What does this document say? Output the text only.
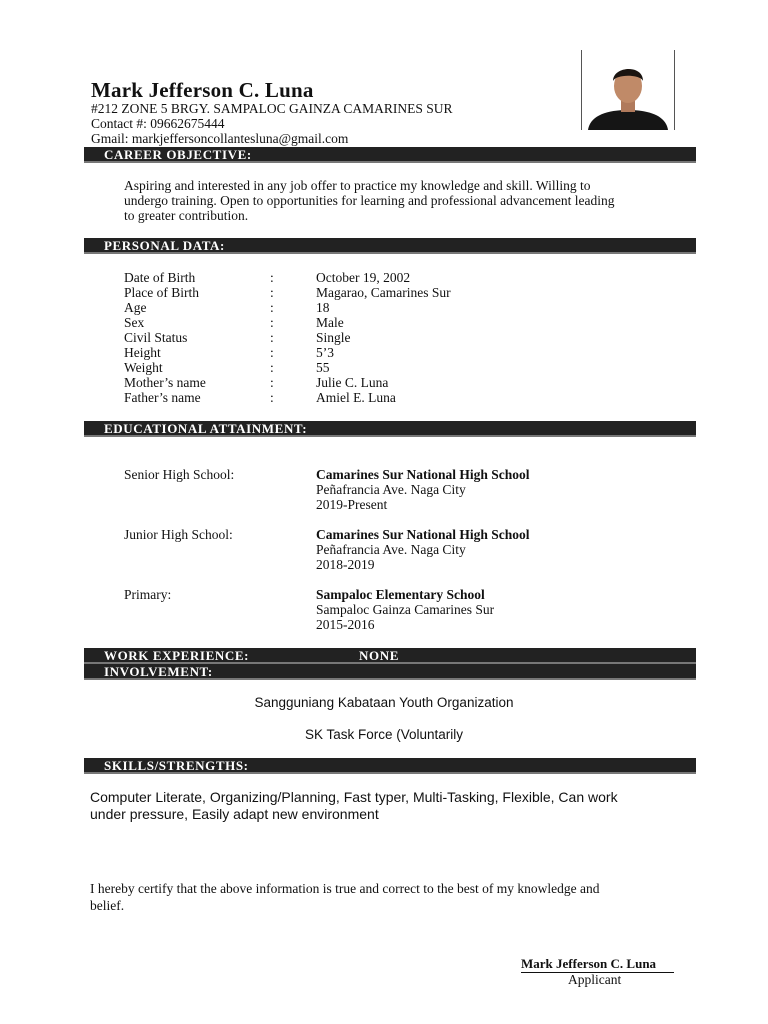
Mark Jefferson C. Luna
#212 ZONE 5 BRGY. SAMPALOC GAINZA CAMARINES SUR
Contact #: 09662675444
Gmail: markjeffersoncollantesluna@gmail.com
CAREER OBJECTIVE:
Aspiring and interested in any job offer to practice my knowledge and skill. Willing to
undergo training. Open to opportunities for learning and professional advancement leading
to greater contribution.
PERSONAL DATA:
Date of Birth	:	October 19, 2002
Place of Birth	:	Magarao, Camarines Sur
Age	:	18
Sex	:	Male
Civil Status	:	Single
Height	:	5’3
Weight	:	55
Mother’s name	:	Julie C. Luna
Father’s name	:	Amiel E. Luna
EDUCATIONAL ATTAINMENT:
Senior High School:	Camarines Sur National High School
Peñafrancia Ave. Naga City
2019-Present
Junior High School:	Camarines Sur National High School
Peñafrancia Ave. Naga City
2018-2019
Primary:	Sampaloc Elementary School
Sampaloc Gainza Camarines Sur
2015-2016
WORK EXPERIENCE:	NONE
INVOLVEMENT:
Sangguniang Kabataan Youth Organization
SK Task Force (Voluntarily
SKILLS/STRENGTHS:
Computer Literate, Organizing/Planning, Fast typer, Multi-Tasking, Flexible, Can work
under pressure, Easily adapt new environment
I hereby certify that the above information is true and correct to the best of my knowledge and
belief.
Mark Jefferson C. Luna
Applicant
